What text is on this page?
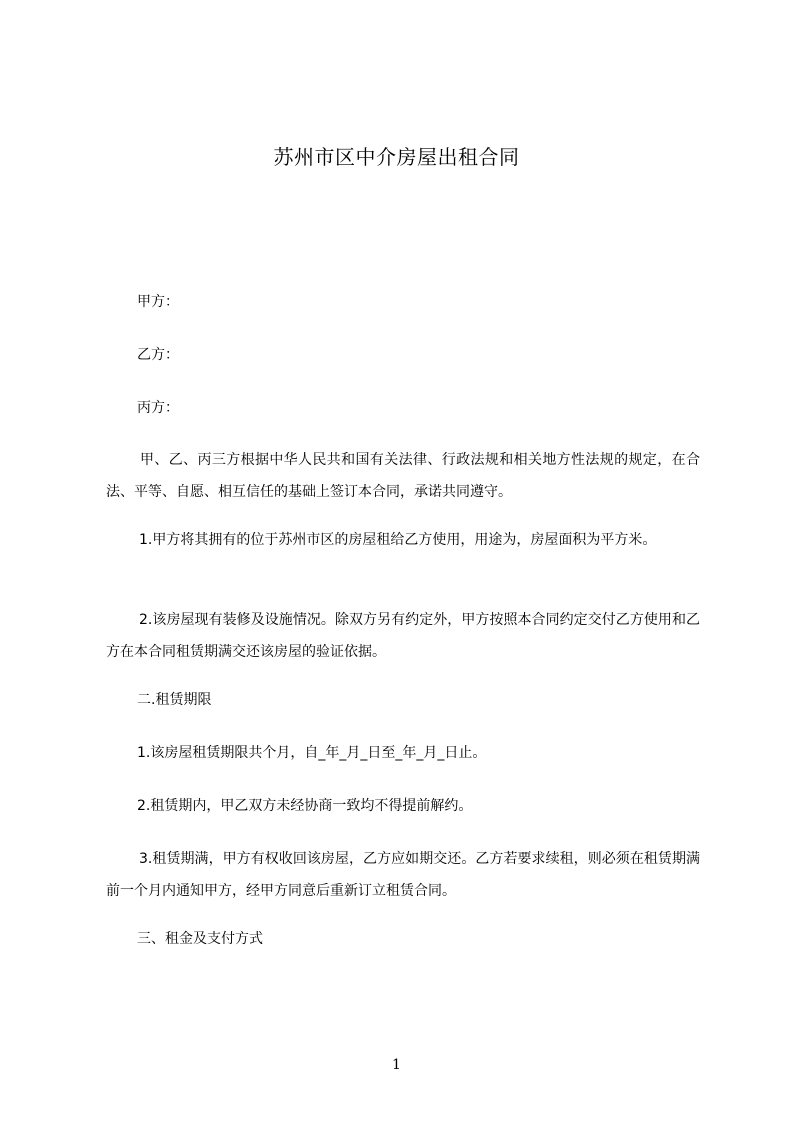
苏州市区中介房屋出租合同
甲方：
乙方：
丙方：
甲、乙、丙三方根据中华人民共和国有关法律、行政法规和相关地方性法规的规定，在合法、平等、自愿、相互信任的基础上签订本合同，承诺共同遵守。
1.甲方将其拥有的位于苏州市区的房屋租给乙方使用，用途为，房屋面积为平方米。
2.该房屋现有装修及设施情况。除双方另有约定外，甲方按照本合同约定交付乙方使用和乙方在本合同租赁期满交还该房屋的验证依据。
二.租赁期限
1.该房屋租赁期限共个月，自_年_月_日至_年_月_日止。
2.租赁期内，甲乙双方未经协商一致均不得提前解约。
3.租赁期满，甲方有权收回该房屋，乙方应如期交还。乙方若要求续租，则必须在租赁期满前一个月内通知甲方，经甲方同意后重新订立租赁合同。
三、租金及支付方式
1
